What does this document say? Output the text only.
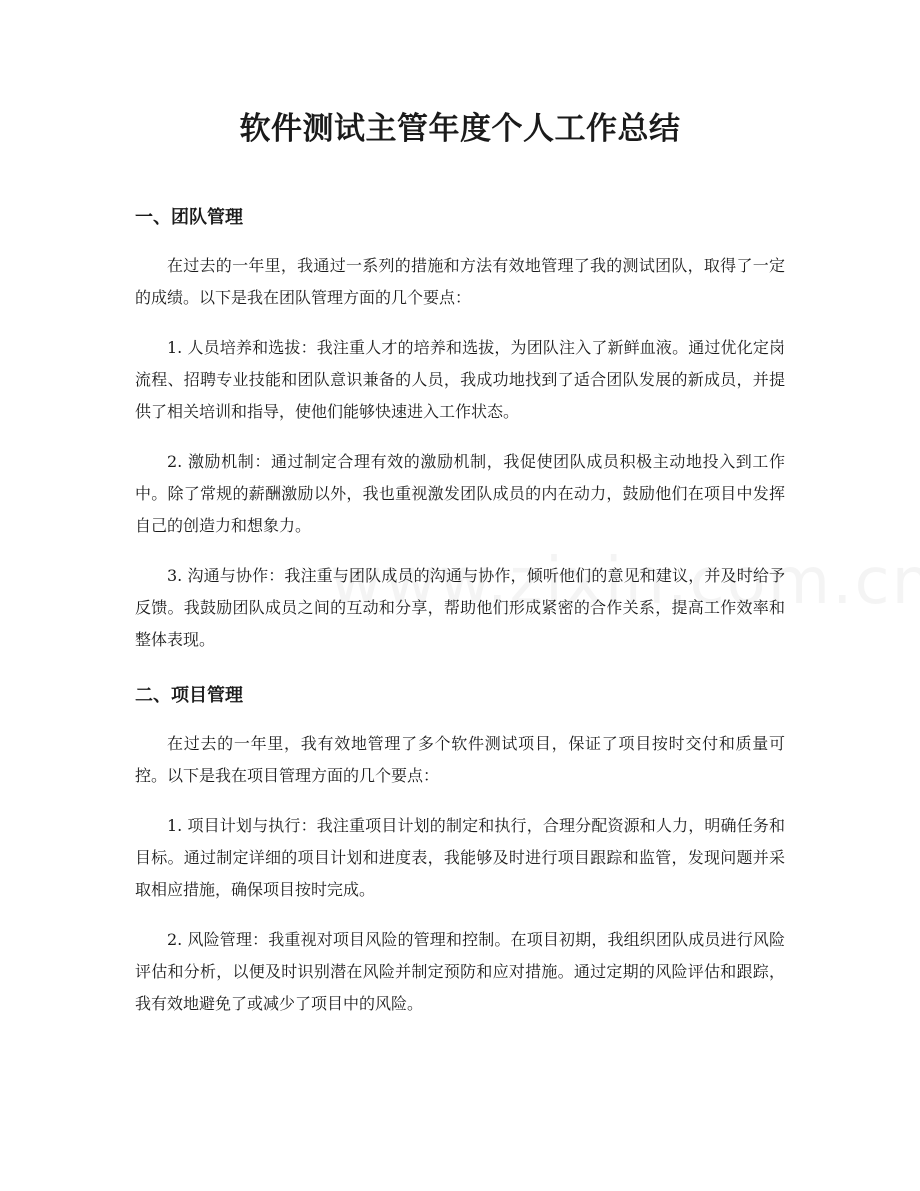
软件测试主管年度个人工作总结
一、团队管理

在过去的一年里，我通过一系列的措施和方法有效地管理了我的测试团队，取得了一定的成绩。以下是我在团队管理方面的几个要点：

1. 人员培养和选拔：我注重人才的培养和选拔，为团队注入了新鲜血液。通过优化定岗流程、招聘专业技能和团队意识兼备的人员，我成功地找到了适合团队发展的新成员，并提供了相关培训和指导，使他们能够快速进入工作状态。

2. 激励机制：通过制定合理有效的激励机制，我促使团队成员积极主动地投入到工作中。除了常规的薪酬激励以外，我也重视激发团队成员的内在动力，鼓励他们在项目中发挥自己的创造力和想象力。

3. 沟通与协作：我注重与团队成员的沟通与协作，倾听他们的意见和建议，并及时给予反馈。我鼓励团队成员之间的互动和分享，帮助他们形成紧密的合作关系，提高工作效率和整体表现。

二、项目管理

在过去的一年里，我有效地管理了多个软件测试项目，保证了项目按时交付和质量可控。以下是我在项目管理方面的几个要点：

1. 项目计划与执行：我注重项目计划的制定和执行，合理分配资源和人力，明确任务和目标。通过制定详细的项目计划和进度表，我能够及时进行项目跟踪和监管，发现问题并采取相应措施，确保项目按时完成。

2. 风险管理：我重视对项目风险的管理和控制。在项目初期，我组织团队成员进行风险评估和分析，以便及时识别潜在风险并制定预防和应对措施。通过定期的风险评估和跟踪，我有效地避免了或减少了项目中的风险。
